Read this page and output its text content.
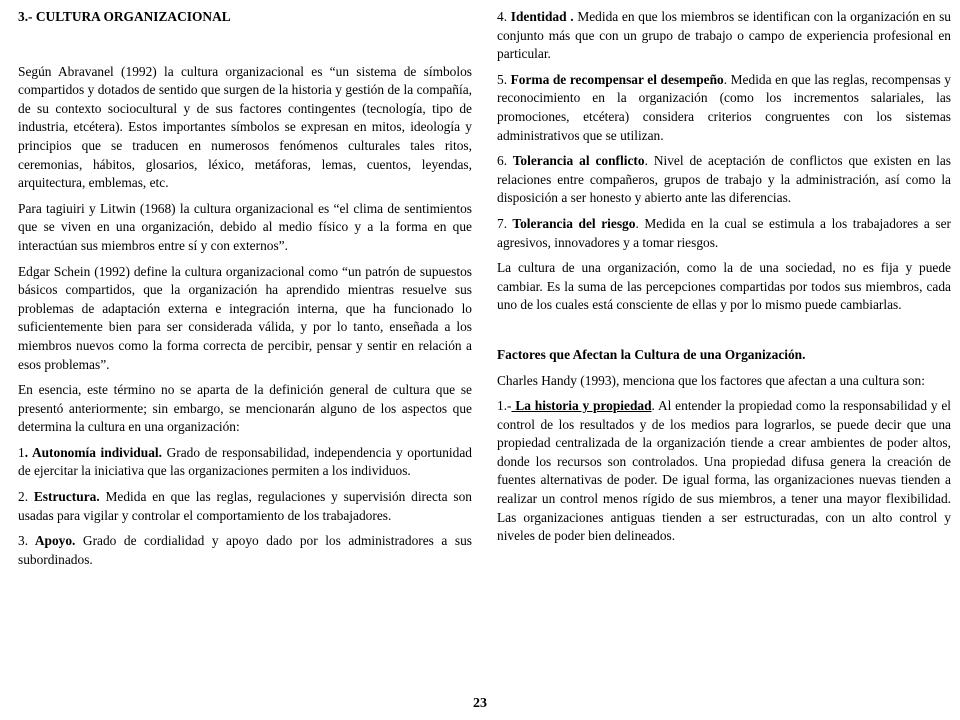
3.- CULTURA ORGANIZACIONAL

Según Abravanel (1992) la cultura organizacional es “un sistema de símbolos compartidos y dotados de sentido que surgen de la historia y gestión de la compañía, de su contexto sociocultural y de sus factores contingentes (tecnología, tipo de industria, etcétera). Estos importantes símbolos se expresan en mitos, ideología y principios que se traducen en numerosos fenómenos culturales tales ritos, ceremonias, hábitos, glosarios, léxico, metáforas, lemas, cuentos, leyendas, arquitectura, emblemas, etc.

Para tagiuiri y Litwin (1968) la cultura organizacional es “el clima de sentimientos que se viven en una organización, debido al medio físico y a la forma en que interactúan sus miembros entre sí y con externos”.

Edgar Schein (1992) define la cultura organizacional como “un patrón de supuestos básicos compartidos, que la organización ha aprendido mientras resuelve sus problemas de adaptación externa e integración interna, que ha funcionado lo suficientemente bien para ser considerada válida, y por lo tanto, enseñada a los miembros nuevos como la forma correcta de percibir, pensar y sentir en relación a esos problemas”.

En esencia, este término no se aparta de la definición general de cultura que se presentó anteriormente; sin embargo, se mencionarán alguno de los aspectos que determina la cultura en una organización:

1. Autonomía individual. Grado de responsabilidad, independencia y oportunidad de ejercitar la iniciativa que las organizaciones permiten a los individuos.

2. Estructura. Medida en que las reglas, regulaciones y supervisión directa son usadas para vigilar y controlar el comportamiento de los trabajadores.

3. Apoyo. Grado de cordialidad y apoyo dado por los administradores a sus subordinados.

4. Identidad . Medida en que los miembros se identifican con la organización en su conjunto más que con un grupo de trabajo o campo de experiencia profesional en particular.

5. Forma de recompensar el desempeño. Medida en que las reglas, recompensas y reconocimiento en la organización (como los incrementos salariales, las promociones, etcétera) considera criterios congruentes con los sistemas administrativos que se utilizan.

6. Tolerancia al conflicto. Nivel de aceptación de conflictos que existen en las relaciones entre compañeros, grupos de trabajo y la administración, así como la disposición a ser honesto y abierto ante las diferencias.

7. Tolerancia del riesgo. Medida en la cual se estimula a los trabajadores a ser agresivos, innovadores y a tomar riesgos.

La cultura de una organización, como la de una sociedad, no es fija y puede cambiar. Es la suma de las percepciones compartidas por todos sus miembros, cada uno de los cuales está consciente de ellas y por lo mismo puede cambiarlas.

Factores que Afectan la Cultura de una Organización.

Charles Handy (1993), menciona que los factores que afectan a una cultura son:

1.- La historia y propiedad. Al entender la propiedad como la responsabilidad y el control de los resultados y de los medios para lograrlos, se puede decir que una propiedad centralizada de la organización tiende a crear ambientes de poder altos, donde los recursos son controlados. Una propiedad difusa genera la creación de fuentes alternativas de poder. De igual forma, las organizaciones nuevas tienden a realizar un control menos rígido de sus miembros, a tener una mayor flexibilidad. Las organizaciones antiguas tienden a ser estructuradas, con un alto control y niveles de poder bien delineados.

23
